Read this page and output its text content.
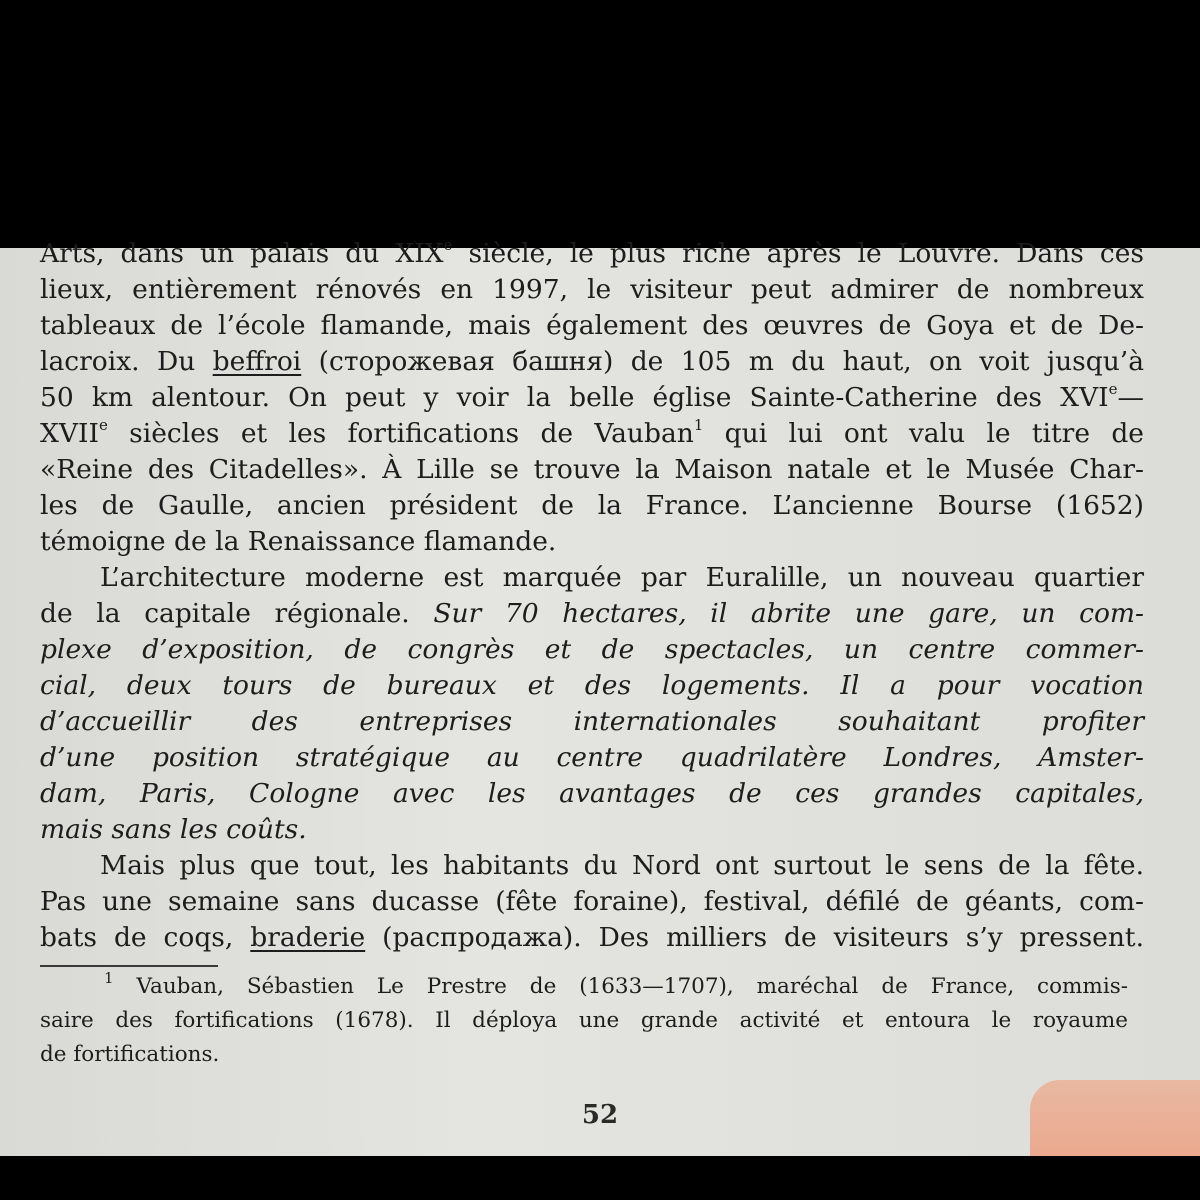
Arts, dans un palais du XIXe siècle, le plus riche après le Louvre. Dans ces
lieux, entièrement rénovés en 1997, le visiteur peut admirer de nombreux
tableaux de l’école flamande, mais également des œuvres de Goya et de De-
lacroix. Du beffroi (сторожевая башня) de 105 m du haut, on voit jusqu’à
50 km alentour. On peut y voir la belle église Sainte-Catherine des XVIe—
XVIIe siècles et les fortifications de Vauban$^1$ qui lui ont valu le titre de
«Reine des Citadelles». À Lille se trouve la Maison natale et le Musée Char-
les de Gaulle, ancien président de la France. L’ancienne Bourse (1652)
témoigne de la Renaissance flamande.
L’architecture moderne est marquée par Euralille, un nouveau quartier
de la capitale régionale. Sur 70 hectares, il abrite une gare, un com-
plexe d’exposition, de congrès et de spectacles, un centre commer-
cial, deux tours de bureaux et des logements. Il a pour vocation
d’accueillir des entreprises internationales souhaitant profiter
d’une position stratégique au centre quadrilatère Londres, Amster-
dam, Paris, Cologne avec les avantages de ces grandes capitales,
mais sans les coûts.
Mais plus que tout, les habitants du Nord ont surtout le sens de la fête.
Pas une semaine sans ducasse (fête foraine), festival, défilé de géants, com-
bats de coqs, braderie (распродажа). Des milliers de visiteurs s’y pressent.
$^1$ Vauban, Sébastien Le Prestre de (1633—1707), maréchal de France, commis-
saire des fortifications (1678). Il déploya une grande activité et entoura le royaume
de fortifications.
52
